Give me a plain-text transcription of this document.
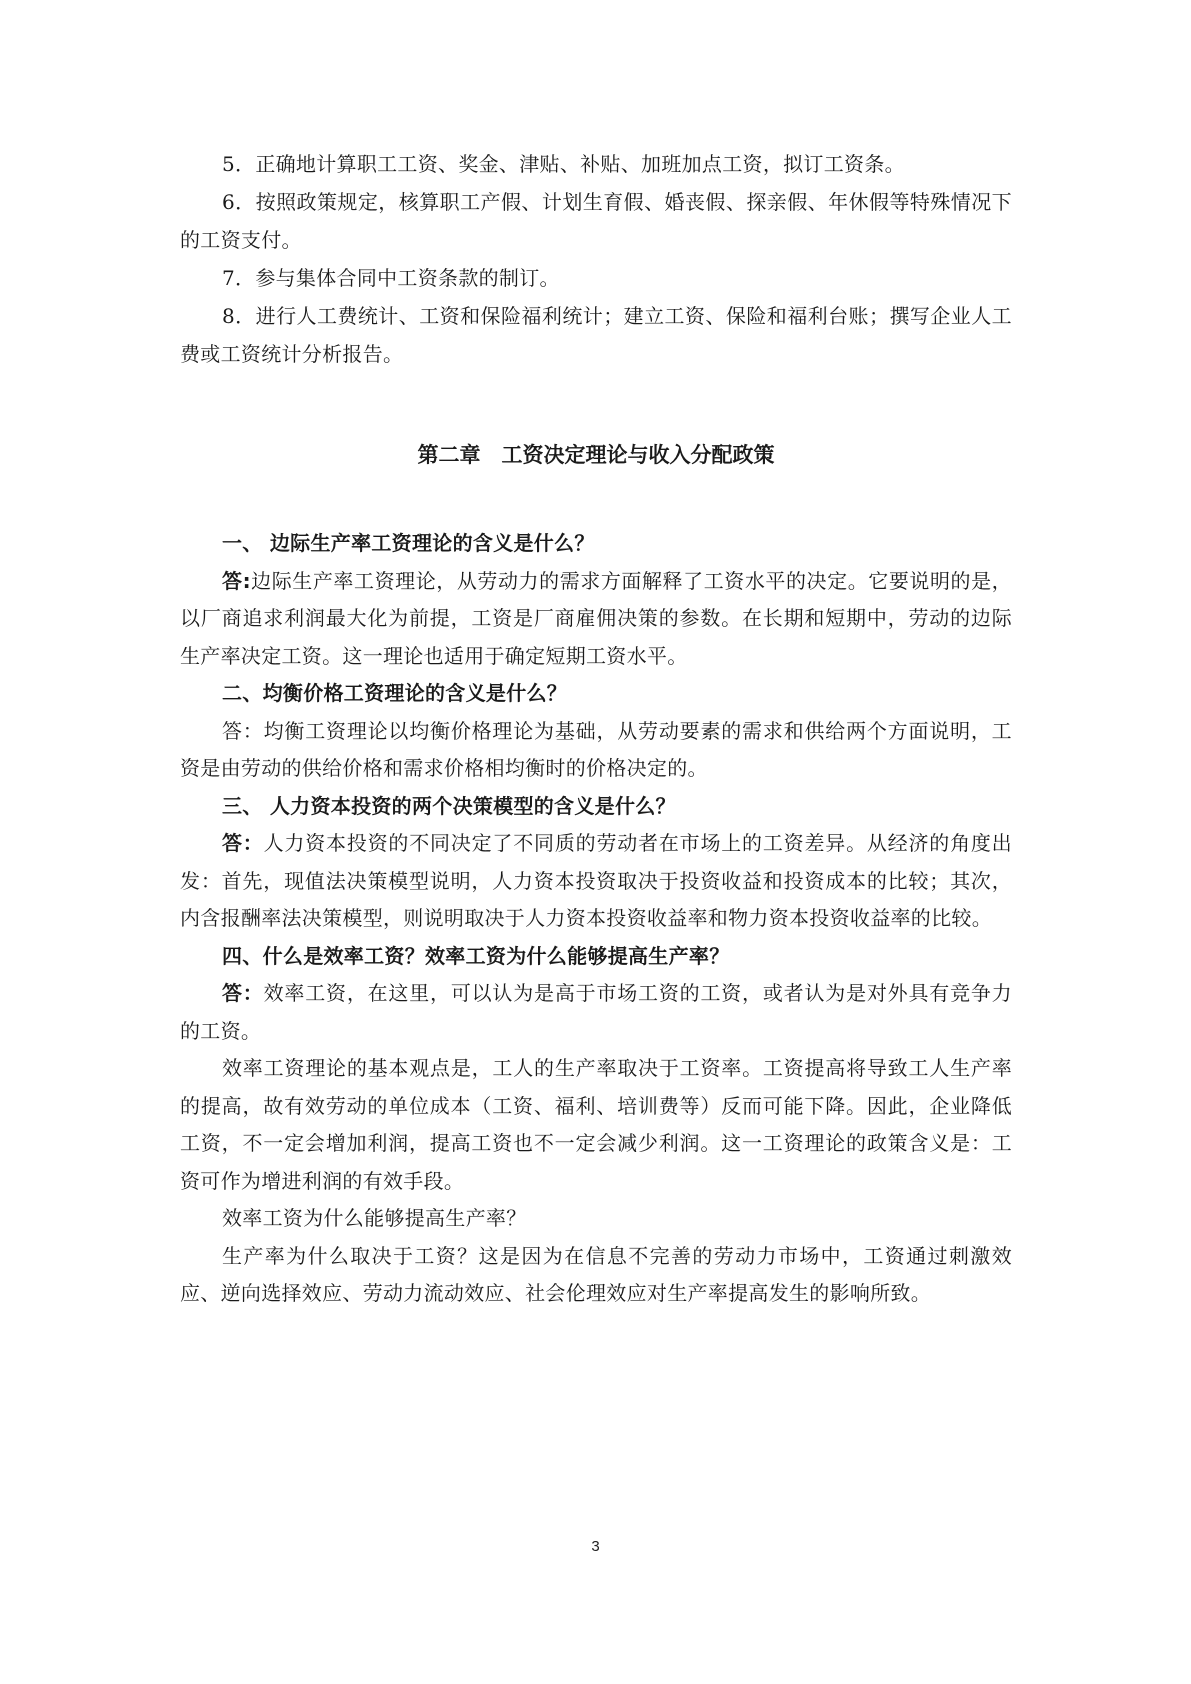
5．正确地计算职工工资、奖金、津贴、补贴、加班加点工资，拟订工资条。

6．按照政策规定，核算职工产假、计划生育假、婚丧假、探亲假、年休假等特殊情况下的工资支付。

7．参与集体合同中工资条款的制订。

8．进行人工费统计、工资和保险福利统计；建立工资、保险和福利台账；撰写企业人工费或工资统计分析报告。

第二章　工资决定理论与收入分配政策

一、 边际生产率工资理论的含义是什么？

答:边际生产率工资理论，从劳动力的需求方面解释了工资水平的决定。它要说明的是，以厂商追求利润最大化为前提，工资是厂商雇佣决策的参数。在长期和短期中，劳动的边际生产率决定工资。这一理论也适用于确定短期工资水平。

二、均衡价格工资理论的含义是什么？

答：均衡工资理论以均衡价格理论为基础，从劳动要素的需求和供给两个方面说明，工资是由劳动的供给价格和需求价格相均衡时的价格决定的。

三、 人力资本投资的两个决策模型的含义是什么？

答：人力资本投资的不同决定了不同质的劳动者在市场上的工资差异。从经济的角度出发：首先，现值法决策模型说明，人力资本投资取决于投资收益和投资成本的比较；其次，内含报酬率法决策模型，则说明取决于人力资本投资收益率和物力资本投资收益率的比较。

四、什么是效率工资？效率工资为什么能够提高生产率？

答：效率工资，在这里，可以认为是高于市场工资的工资，或者认为是对外具有竞争力的工资。

效率工资理论的基本观点是，工人的生产率取决于工资率。工资提高将导致工人生产率的提高，故有效劳动的单位成本（工资、福利、培训费等）反而可能下降。因此，企业降低工资，不一定会增加利润，提高工资也不一定会减少利润。这一工资理论的政策含义是：工资可作为增进利润的有效手段。

效率工资为什么能够提高生产率？

生产率为什么取决于工资？这是因为在信息不完善的劳动力市场中，工资通过刺激效应、逆向选择效应、劳动力流动效应、社会伦理效应对生产率提高发生的影响所致。

3
